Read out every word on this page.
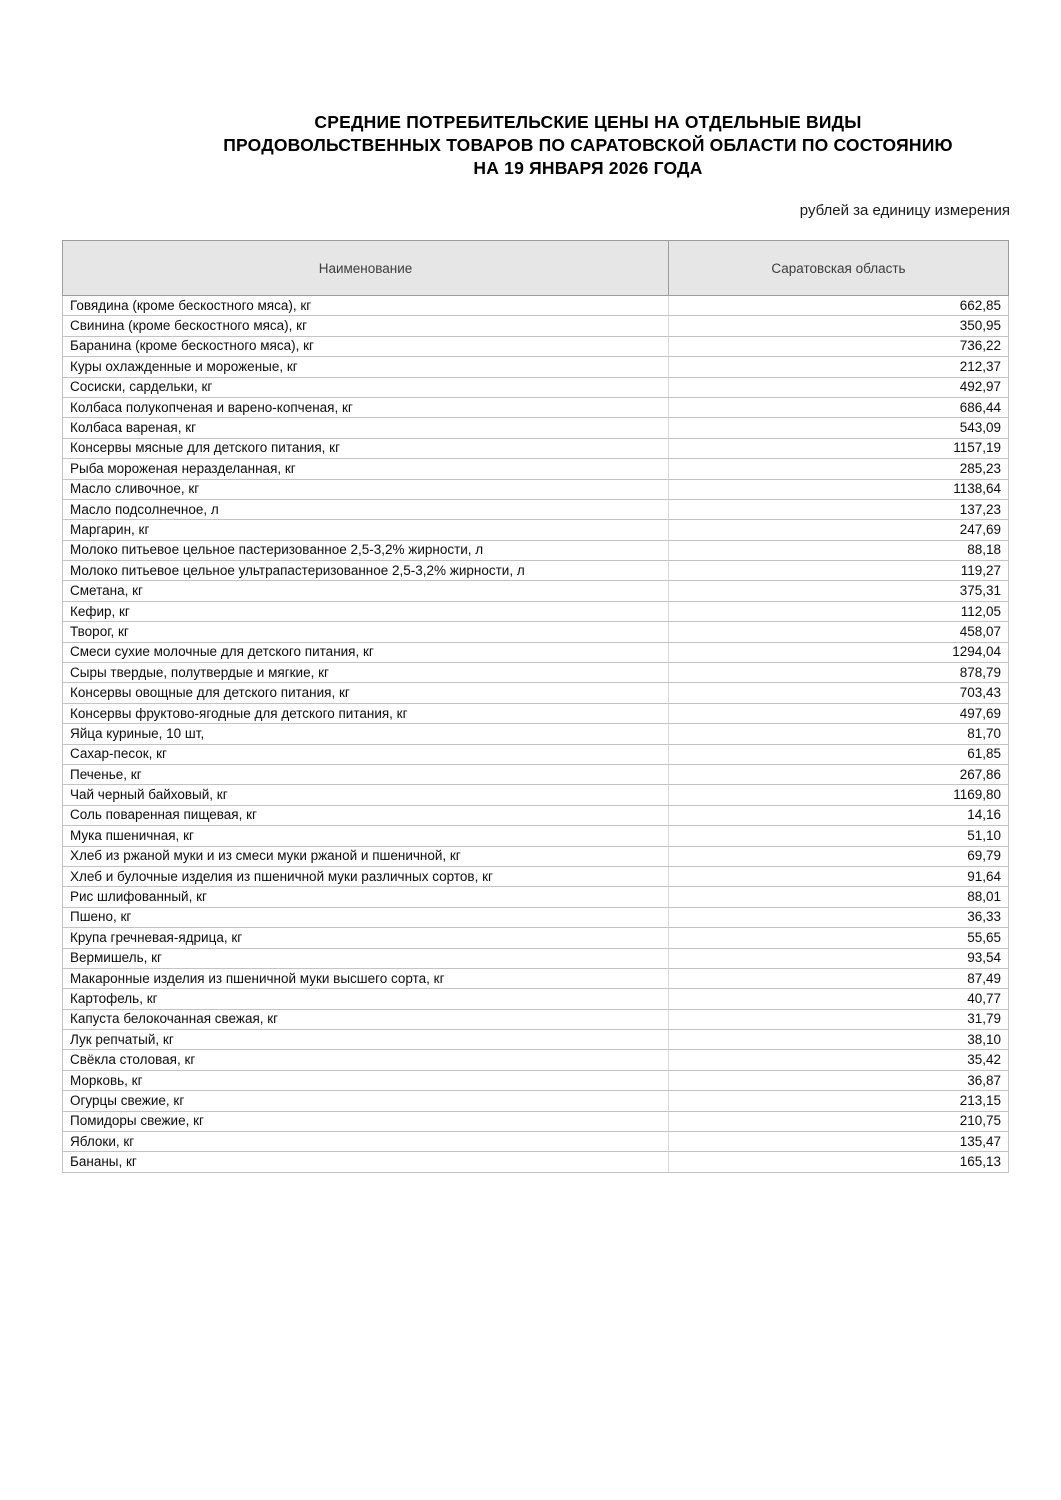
СРЕДНИЕ ПОТРЕБИТЕЛЬСКИЕ ЦЕНЫ НА ОТДЕЛЬНЫЕ ВИДЫ
ПРОДОВОЛЬСТВЕННЫХ ТОВАРОВ ПО САРАТОВСКОЙ ОБЛАСТИ ПО СОСТОЯНИЮ
НА 19 ЯНВАРЯ 2026 ГОДА
рублей за единицу измерения
Наименование	Саратовская область
Говядина (кроме бескостного мяса), кг	662,85
Свинина (кроме бескостного мяса), кг	350,95
Баранина (кроме бескостного мяса), кг	736,22
Куры охлажденные и мороженые, кг	212,37
Сосиски, сардельки, кг	492,97
Колбаса полукопченая и варено-копченая, кг	686,44
Колбаса вареная, кг	543,09
Консервы мясные для детского питания, кг	1157,19
Рыба мороженая неразделанная, кг	285,23
Масло сливочное, кг	1138,64
Масло подсолнечное, л	137,23
Маргарин, кг	247,69
Молоко питьевое цельное пастеризованное 2,5-3,2% жирности, л	88,18
Молоко питьевое цельное ультрапастеризованное 2,5-3,2% жирности, л	119,27
Сметана, кг	375,31
Кефир, кг	112,05
Творог, кг	458,07
Смеси сухие молочные для детского питания, кг	1294,04
Сыры твердые, полутвердые и мягкие, кг	878,79
Консервы овощные для детского питания, кг	703,43
Консервы фруктово-ягодные для детского питания, кг	497,69
Яйца куриные, 10 шт,	81,70
Сахар-песок, кг	61,85
Печенье, кг	267,86
Чай черный байховый, кг	1169,80
Соль поваренная пищевая, кг	14,16
Мука пшеничная, кг	51,10
Хлеб из ржаной муки и из смеси муки ржаной и пшеничной, кг	69,79
Хлеб и булочные изделия из пшеничной муки различных сортов, кг	91,64
Рис шлифованный, кг	88,01
Пшено, кг	36,33
Крупа гречневая-ядрица, кг	55,65
Вермишель, кг	93,54
Макаронные изделия из пшеничной муки высшего сорта, кг	87,49
Картофель, кг	40,77
Капуста белокочанная свежая, кг	31,79
Лук репчатый, кг	38,10
Свёкла столовая, кг	35,42
Морковь, кг	36,87
Огурцы свежие, кг	213,15
Помидоры свежие, кг	210,75
Яблоки, кг	135,47
Бананы, кг	165,13
